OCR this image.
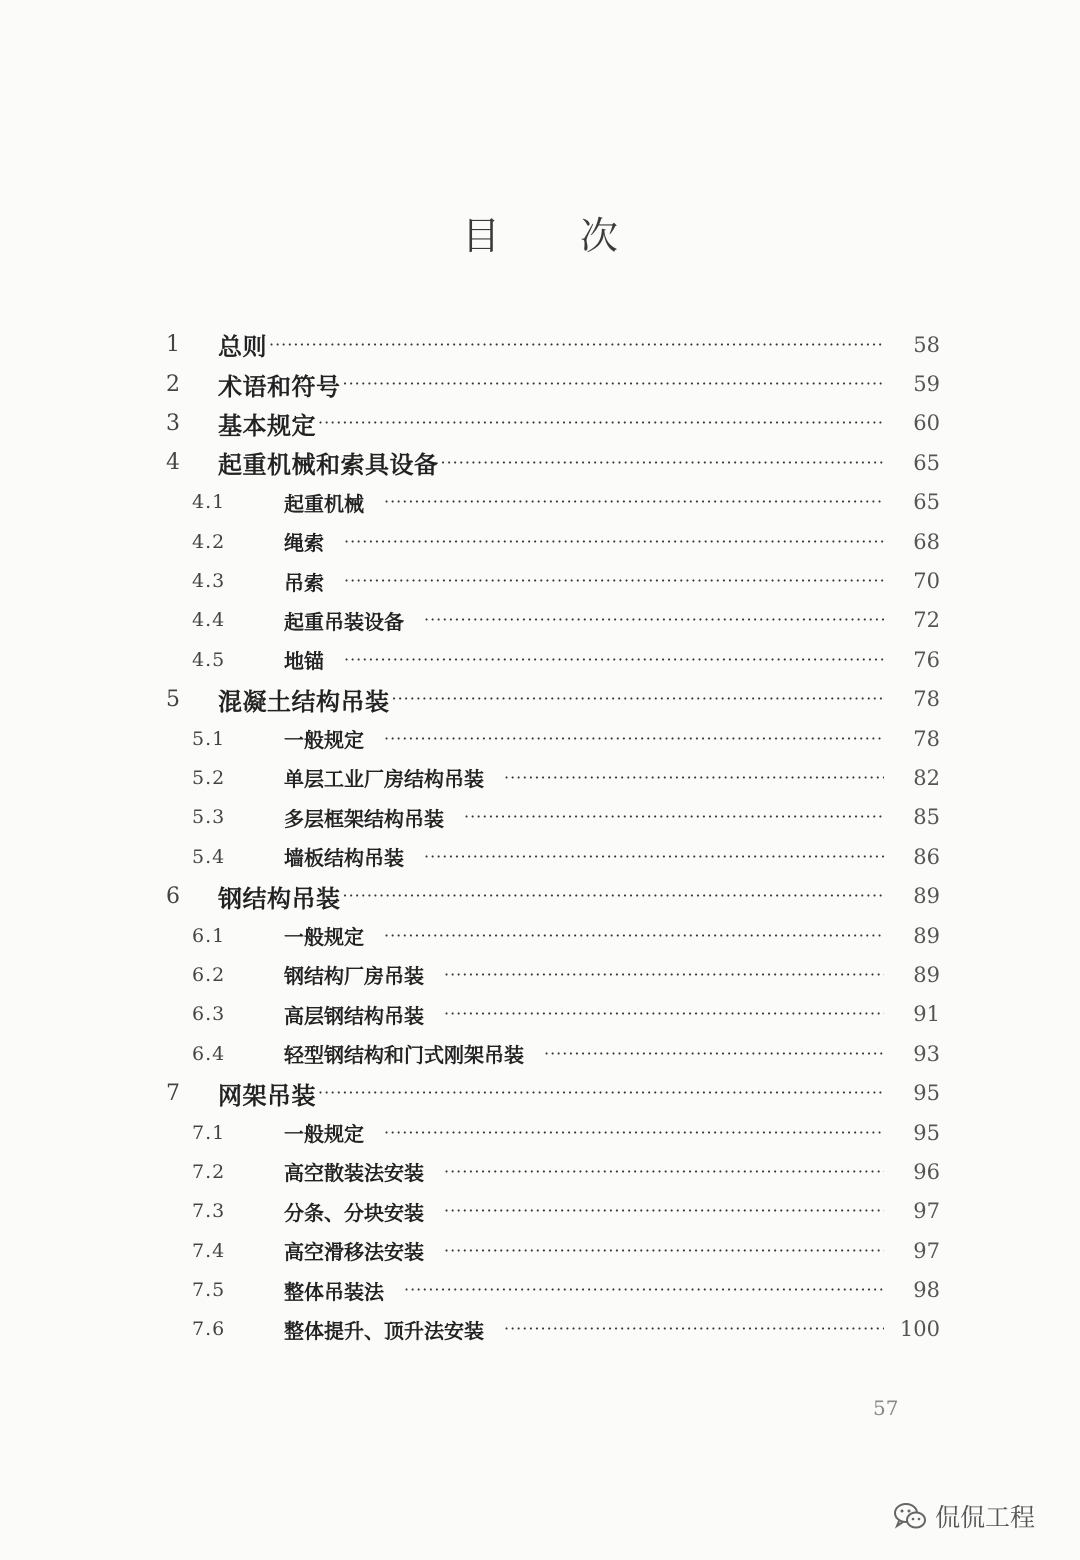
目 次
1	总则 ·····	58
2	术语和符号 ·····	59
3	基本规定 ·····	60
4	起重机械和索具设备 ·····	65
4.1	起重机械 ·····	65
4.2	绳索 ·····	68
4.3	吊索 ·····	70
4.4	起重吊装设备 ·····	72
4.5	地锚 ·····	76
5	混凝土结构吊装 ·····	78
5.1	一般规定 ·····	78
5.2	单层工业厂房结构吊装 ·····	82
5.3	多层框架结构吊装 ·····	85
5.4	墙板结构吊装 ·····	86
6	钢结构吊装 ·····	89
6.1	一般规定 ·····	89
6.2	钢结构厂房吊装 ·····	89
6.3	高层钢结构吊装 ·····	91
6.4	轻型钢结构和门式刚架吊装 ·····	93
7	网架吊装 ·····	95
7.1	一般规定 ·····	95
7.2	高空散装法安装 ·····	96
7.3	分条、分块安装 ·····	97
7.4	高空滑移法安装 ·····	97
7.5	整体吊装法 ·····	98
7.6	整体提升、顶升法安装 ·····	100
57
侃侃工程
